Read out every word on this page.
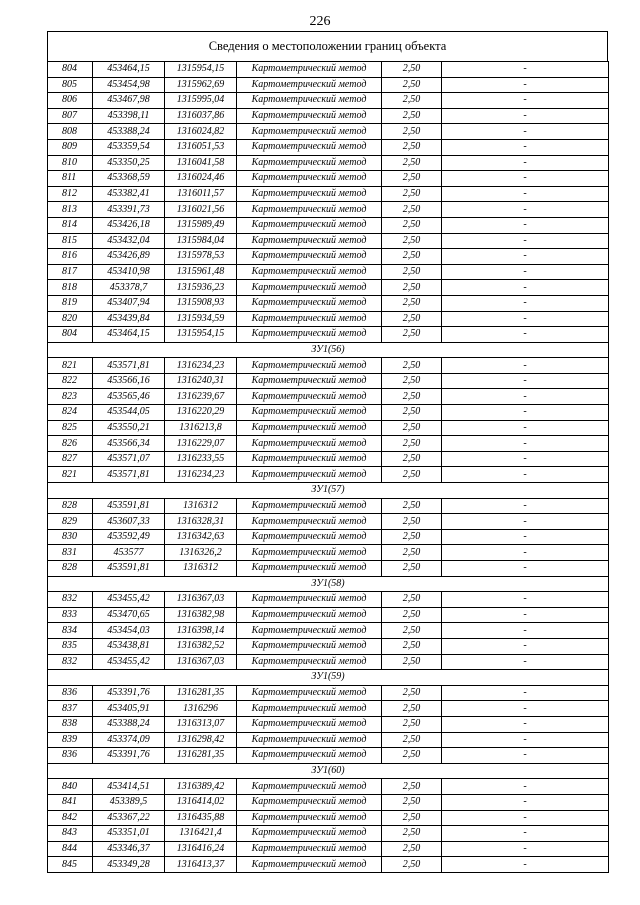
226
Сведения о местоположении границ объекта
804	453464,15	1315954,15	Картометрический метод	2,50	-
805	453454,98	1315962,69	Картометрический метод	2,50	-
806	453467,98	1315995,04	Картометрический метод	2,50	-
807	453398,11	1316037,86	Картометрический метод	2,50	-
808	453388,24	1316024,82	Картометрический метод	2,50	-
809	453359,54	1316051,53	Картометрический метод	2,50	-
810	453350,25	1316041,58	Картометрический метод	2,50	-
811	453368,59	1316024,46	Картометрический метод	2,50	-
812	453382,41	1316011,57	Картометрический метод	2,50	-
813	453391,73	1316021,56	Картометрический метод	2,50	-
814	453426,18	1315989,49	Картометрический метод	2,50	-
815	453432,04	1315984,04	Картометрический метод	2,50	-
816	453426,89	1315978,53	Картометрический метод	2,50	-
817	453410,98	1315961,48	Картометрический метод	2,50	-
818	453378,7	1315936,23	Картометрический метод	2,50	-
819	453407,94	1315908,93	Картометрический метод	2,50	-
820	453439,84	1315934,59	Картометрический метод	2,50	-
804	453464,15	1315954,15	Картометрический метод	2,50	-
ЗУ1(56)					
821	453571,81	1316234,23	Картометрический метод	2,50	-
822	453566,16	1316240,31	Картометрический метод	2,50	-
823	453565,46	1316239,67	Картометрический метод	2,50	-
824	453544,05	1316220,29	Картометрический метод	2,50	-
825	453550,21	1316213,8	Картометрический метод	2,50	-
826	453566,34	1316229,07	Картометрический метод	2,50	-
827	453571,07	1316233,55	Картометрический метод	2,50	-
821	453571,81	1316234,23	Картометрический метод	2,50	-
ЗУ1(57)					
828	453591,81	1316312	Картометрический метод	2,50	-
829	453607,33	1316328,31	Картометрический метод	2,50	-
830	453592,49	1316342,63	Картометрический метод	2,50	-
831	453577	1316326,2	Картометрический метод	2,50	-
828	453591,81	1316312	Картометрический метод	2,50	-
ЗУ1(58)					
832	453455,42	1316367,03	Картометрический метод	2,50	-
833	453470,65	1316382,98	Картометрический метод	2,50	-
834	453454,03	1316398,14	Картометрический метод	2,50	-
835	453438,81	1316382,52	Картометрический метод	2,50	-
832	453455,42	1316367,03	Картометрический метод	2,50	-
ЗУ1(59)					
836	453391,76	1316281,35	Картометрический метод	2,50	-
837	453405,91	1316296	Картометрический метод	2,50	-
838	453388,24	1316313,07	Картометрический метод	2,50	-
839	453374,09	1316298,42	Картометрический метод	2,50	-
836	453391,76	1316281,35	Картометрический метод	2,50	-
ЗУ1(60)					
840	453414,51	1316389,42	Картометрический метод	2,50	-
841	453389,5	1316414,02	Картометрический метод	2,50	-
842	453367,22	1316435,88	Картометрический метод	2,50	-
843	453351,01	1316421,4	Картометрический метод	2,50	-
844	453346,37	1316416,24	Картометрический метод	2,50	-
845	453349,28	1316413,37	Картометрический метод	2,50	-
